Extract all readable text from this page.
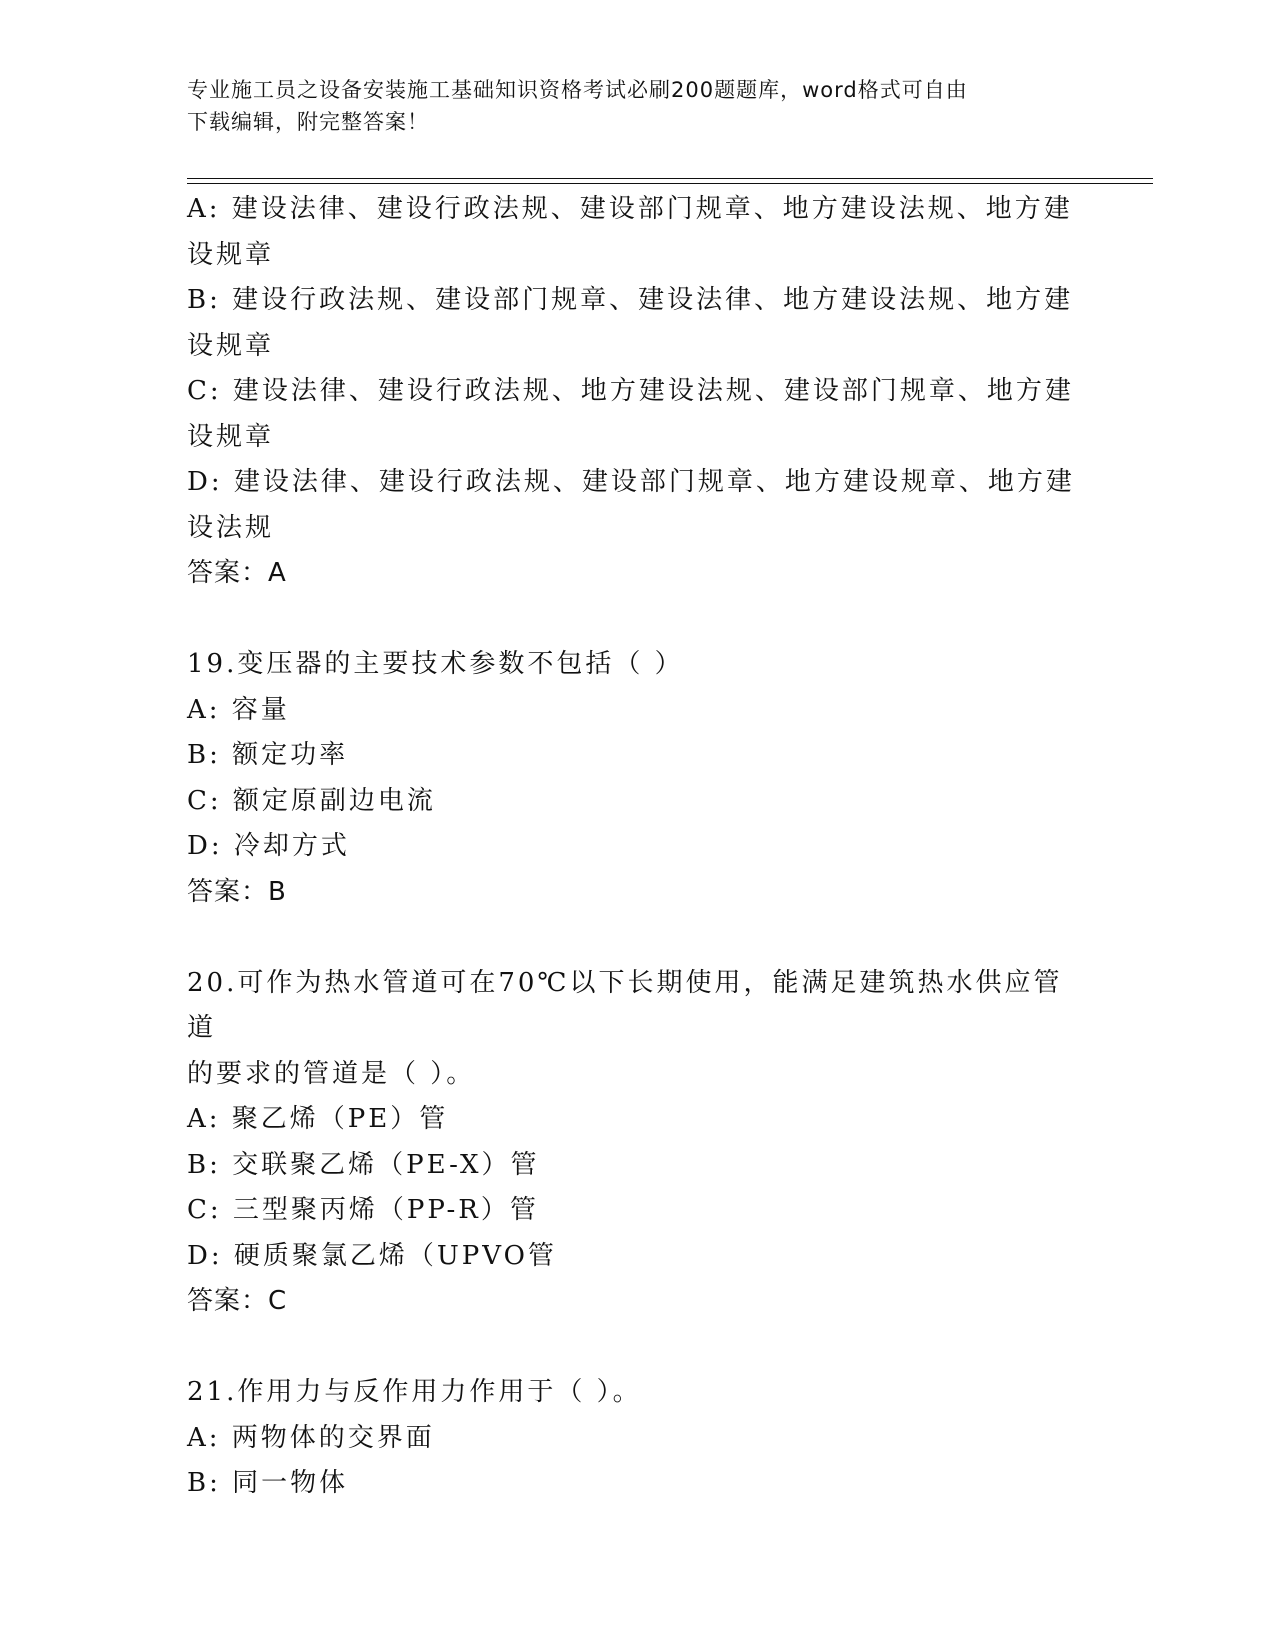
专业施工员之设备安装施工基础知识资格考试必刷200题题库，word格式可自由
下载编辑，附完整答案！

A: 建设法律、建设行政法规、建设部门规章、地方建设法规、地方建

设规章

B: 建设行政法规、建设部门规章、建设法律、地方建设法规、地方建

设规章

C: 建设法律、建设行政法规、地方建设法规、建设部门规章、地方建

设规章

D: 建设法律、建设行政法规、建设部门规章、地方建设规章、地方建

设法规

答案：A

19.变压器的主要技术参数不包括（ ）

A: 容量

B: 额定功率

C: 额定原副边电流

D: 冷却方式

答案：B

20.可作为热水管道可在70℃以下长期使用，能满足建筑热水供应管道

的要求的管道是（ ）。

A: 聚乙烯（PE）管

B: 交联聚乙烯（PE-X）管

C: 三型聚丙烯（PP-R）管

D: 硬质聚氯乙烯（UPVO管

答案：C

21.作用力与反作用力作用于（ ）。

A: 两物体的交界面

B: 同一物体
